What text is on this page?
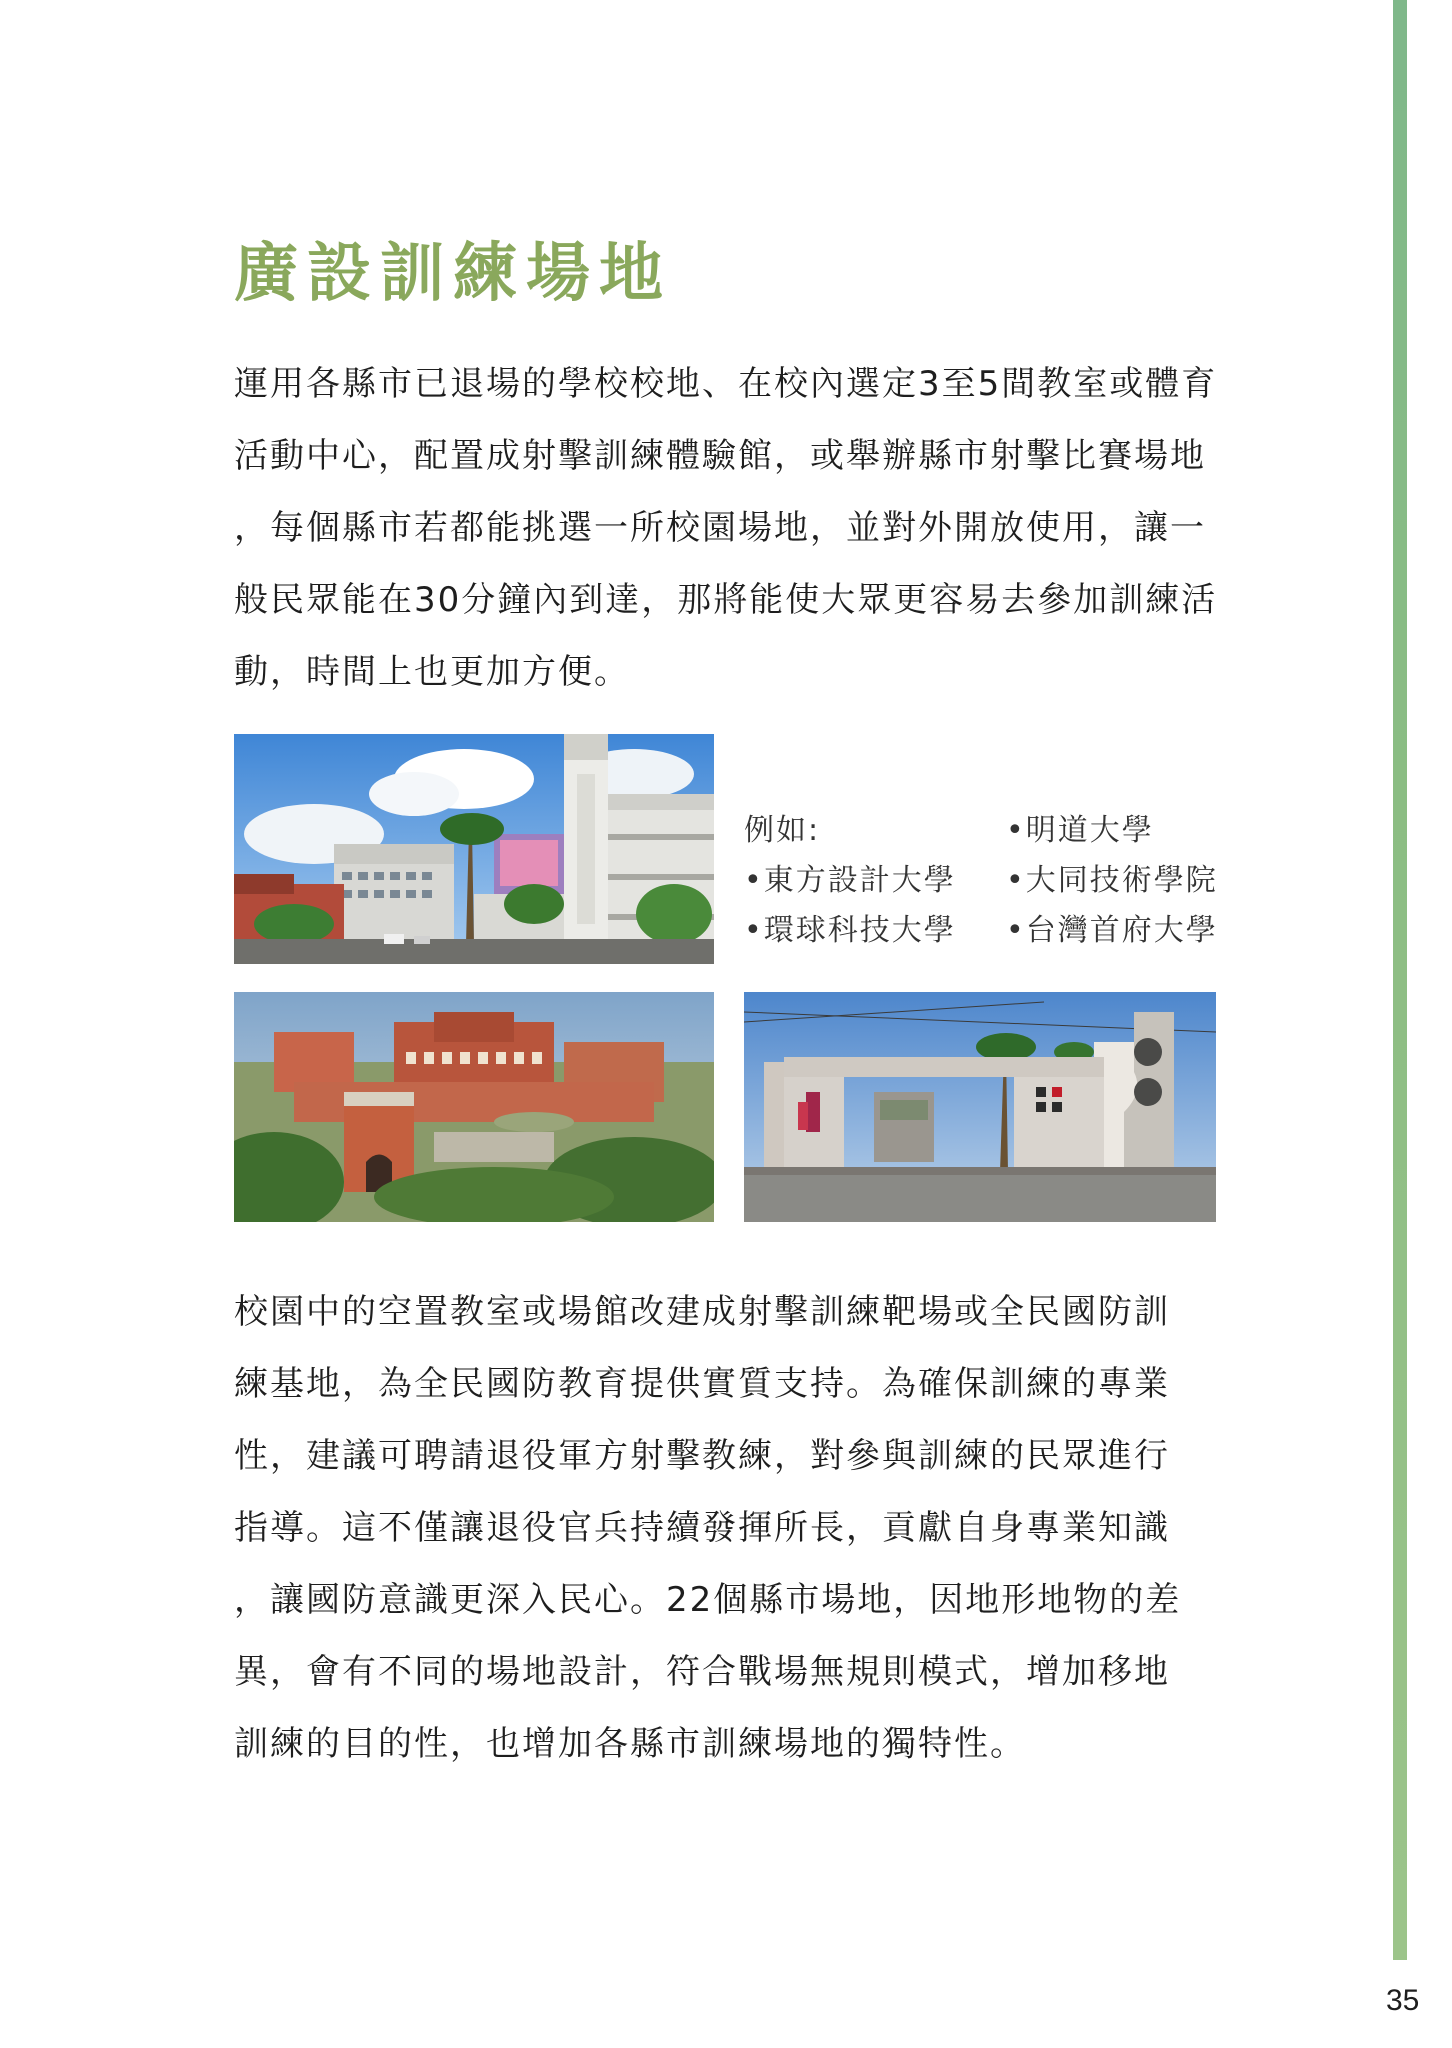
廣設訓練場地
運用各縣市已退場的學校校地、在校內選定3至5間教室或體育
活動中心，配置成射擊訓練體驗館，或舉辦縣市射擊比賽場地
，每個縣市若都能挑選一所校園場地，並對外開放使用，讓一
般民眾能在30分鐘內到達，那將能使大眾更容易去參加訓練活
動，時間上也更加方便。
例如:
•東方設計大學
•環球科技大學
•明道大學
•大同技術學院
•台灣首府大學
校園中的空置教室或場館改建成射擊訓練靶場或全民國防訓
練基地，為全民國防教育提供實質支持。為確保訓練的專業
性，建議可聘請退役軍方射擊教練，對參與訓練的民眾進行
指導。這不僅讓退役官兵持續發揮所長，貢獻自身專業知識
，讓國防意識更深入民心。22個縣市場地，因地形地物的差
異，會有不同的場地設計，符合戰場無規則模式，增加移地
訓練的目的性，也增加各縣市訓練場地的獨特性。
35
